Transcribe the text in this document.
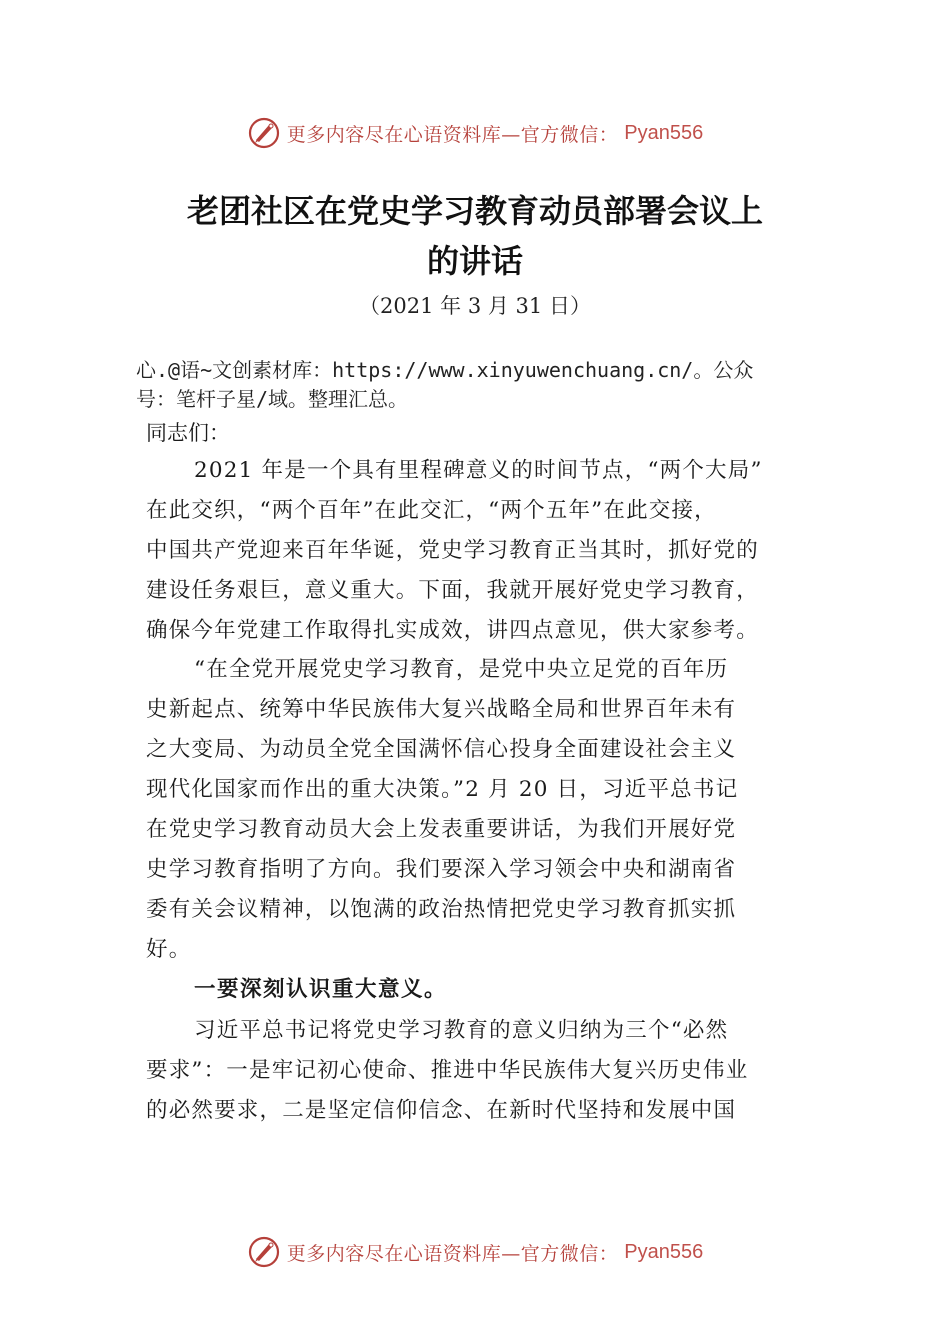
更多内容尽在心语资料库—官方微信： Pyan556
老团社区在党史学习教育动员部署会议上
的讲话
（2021 年 3 月 31 日）
心.@语~文创素材库：https://www.xinyuwenchuang.cn/。公众
号：笔杆子星/域。整理汇总。
同志们：
2021 年是一个具有里程碑意义的时间节点，“两个大局”
在此交织，“两个百年”在此交汇，“两个五年”在此交接，
中国共产党迎来百年华诞，党史学习教育正当其时，抓好党的
建设任务艰巨，意义重大。下面，我就开展好党史学习教育，
确保今年党建工作取得扎实成效，讲四点意见，供大家参考。
“在全党开展党史学习教育，是党中央立足党的百年历
史新起点、统筹中华民族伟大复兴战略全局和世界百年未有
之大变局、为动员全党全国满怀信心投身全面建设社会主义
现代化国家而作出的重大决策。”2 月 20 日，习近平总书记
在党史学习教育动员大会上发表重要讲话，为我们开展好党
史学习教育指明了方向。我们要深入学习领会中央和湖南省
委有关会议精神，以饱满的政治热情把党史学习教育抓实抓
好。
一要深刻认识重大意义。
习近平总书记将党史学习教育的意义归纳为三个“必然
要求”：一是牢记初心使命、推进中华民族伟大复兴历史伟业
的必然要求，二是坚定信仰信念、在新时代坚持和发展中国
更多内容尽在心语资料库—官方微信： Pyan556
